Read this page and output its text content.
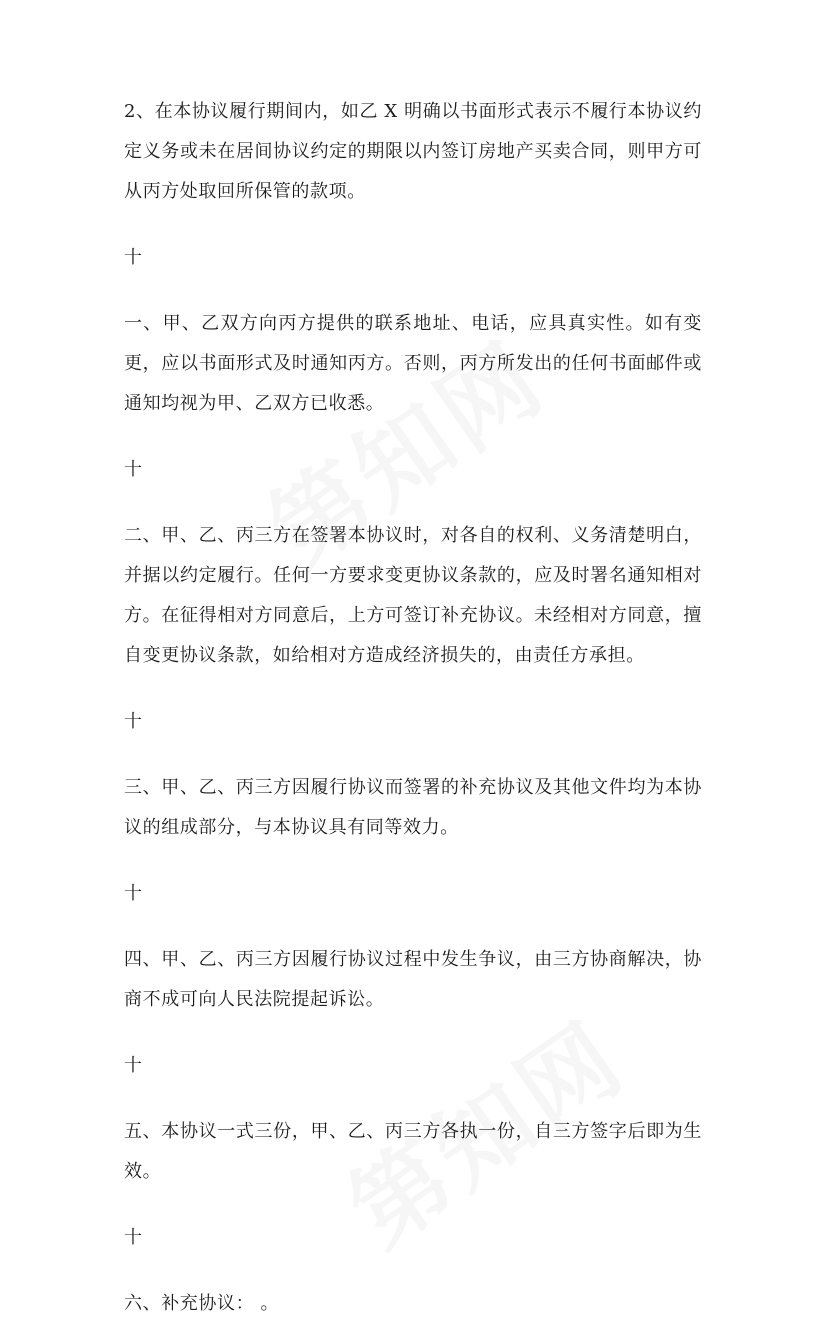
2、在本协议履行期间内，如乙 X 明确以书面形式表示不履行本协议约定义务或未在居间协议约定的期限以内签订房地产买卖合同，则甲方可从丙方处取回所保管的款项。

十

一、甲、乙双方向丙方提供的联系地址、电话，应具真实性。如有变更，应以书面形式及时通知丙方。否则，丙方所发出的任何书面邮件或通知均视为甲、乙双方已收悉。

十

二、甲、乙、丙三方在签署本协议时，对各自的权利、义务清楚明白，并据以约定履行。任何一方要求变更协议条款的，应及时署名通知相对方。在征得相对方同意后，上方可签订补充协议。未经相对方同意，擅自变更协议条款，如给相对方造成经济损失的，由责任方承担。

十

三、甲、乙、丙三方因履行协议而签署的补充协议及其他文件均为本协议的组成部分，与本协议具有同等效力。

十

四、甲、乙、丙三方因履行协议过程中发生争议，由三方协商解决，协商不成可向人民法院提起诉讼。

十

五、本协议一式三份，甲、乙、丙三方各执一份，自三方签字后即为生效。

十

六、补充协议： 。
